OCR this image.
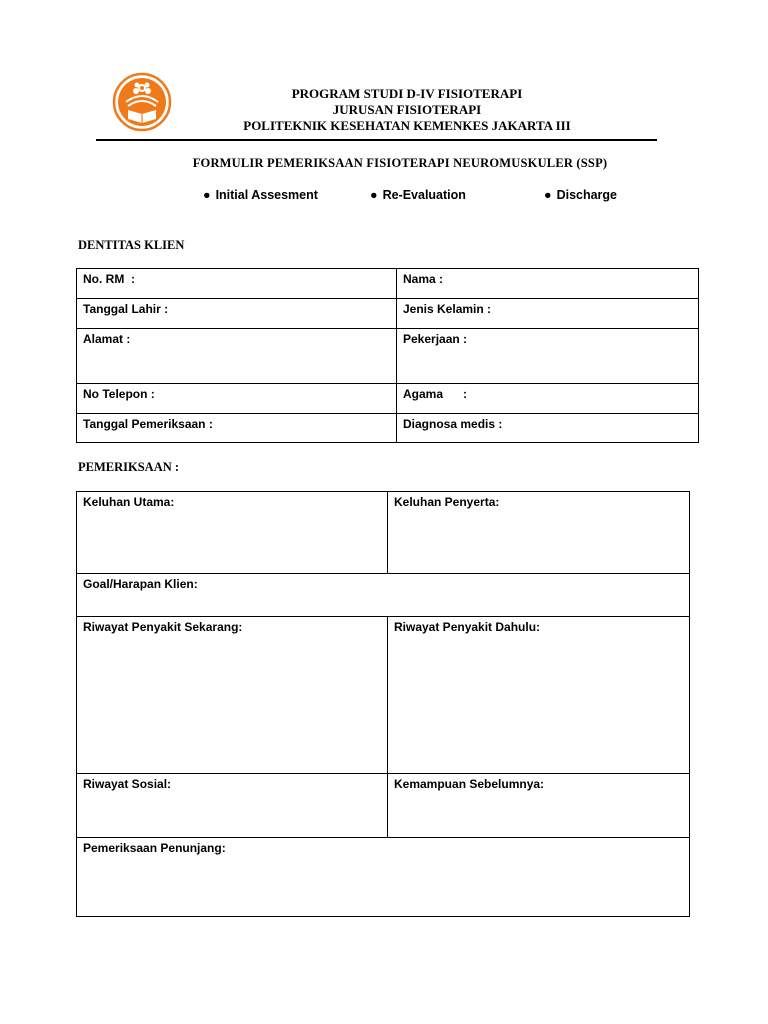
PROGRAM STUDI D-IV FISIOTERAPI
JURUSAN FISIOTERAPI
POLITEKNIK KESEHATAN KEMENKES JAKARTA III
FORMULIR PEMERIKSAAN FISIOTERAPI NEUROMUSKULER (SSP)
● Initial Assesment	● Re-Evaluation	● Discharge
DENTITAS KLIEN
No. RM  :	Nama :
Tanggal Lahir :	Jenis Kelamin :
Alamat :	Pekerjaan :
No Telepon :	Agama      :
Tanggal Pemeriksaan :	Diagnosa medis :
PEMERIKSAAN :
Keluhan Utama:	Keluhan Penyerta:
Goal/Harapan Klien:	
Riwayat Penyakit Sekarang:	Riwayat Penyakit Dahulu:
Riwayat Sosial:	Kemampuan Sebelumnya:
Pemeriksaan Penunjang:	
